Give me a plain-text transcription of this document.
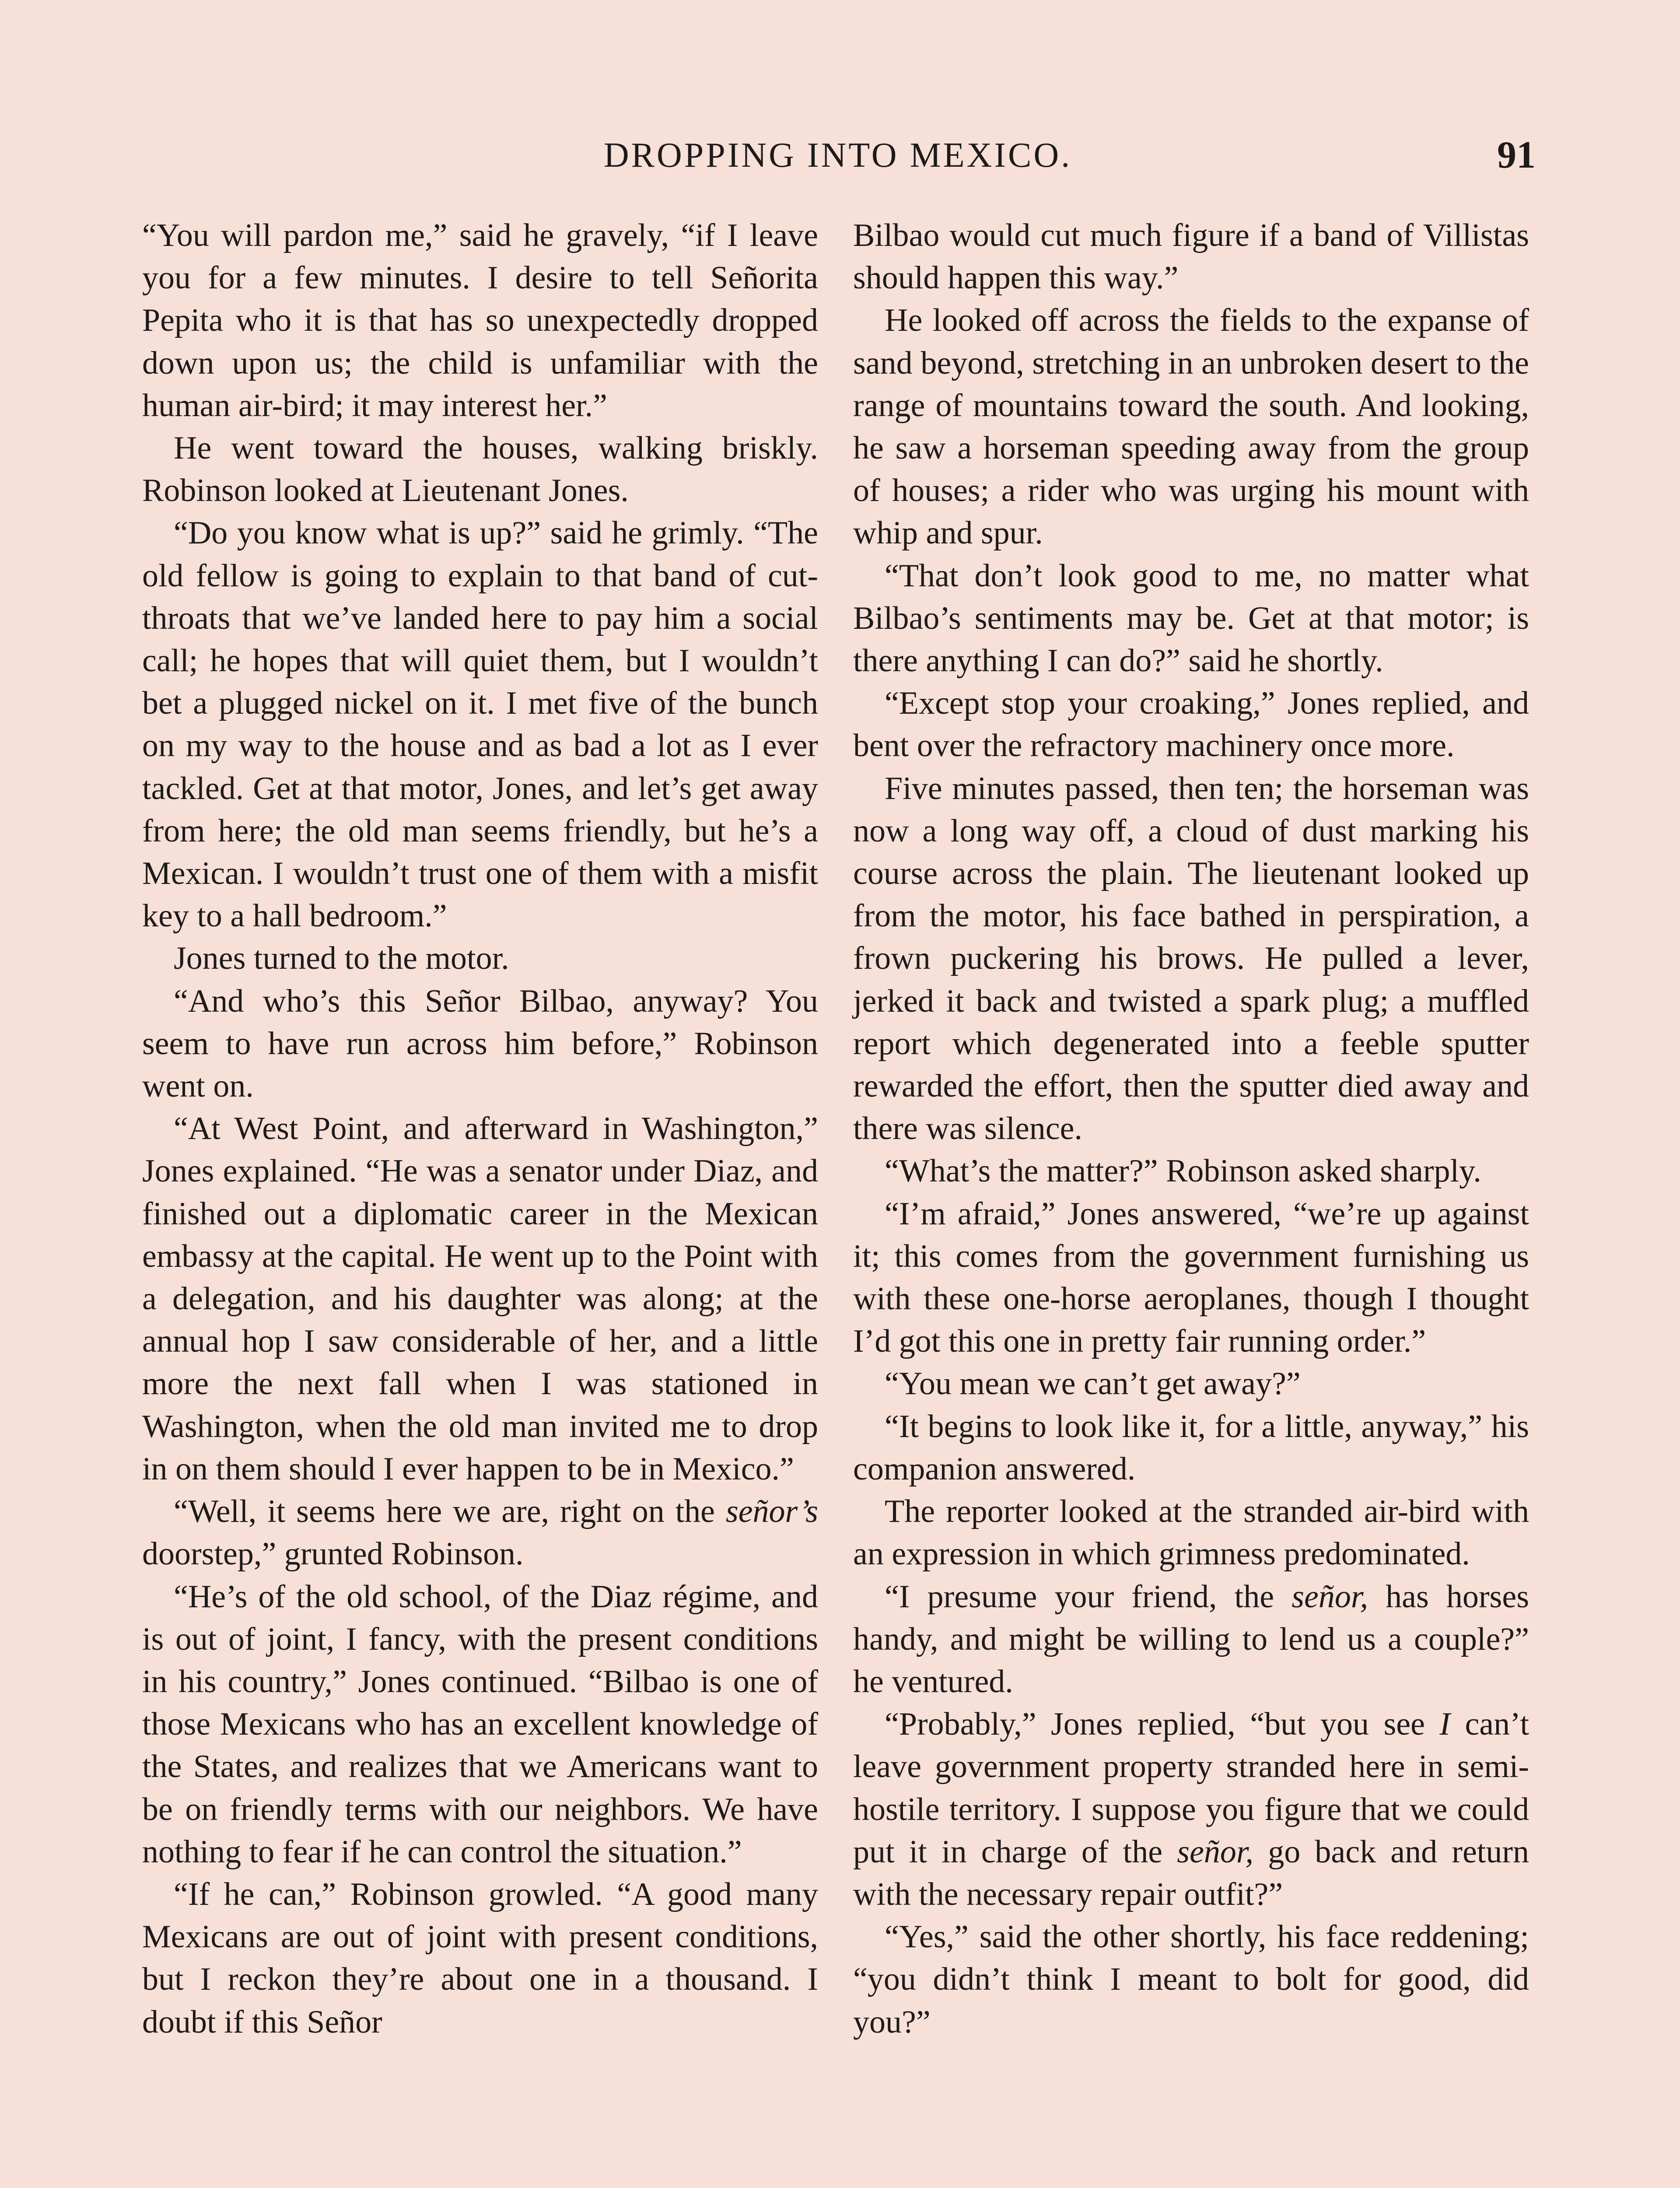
DROPPING INTO MEXICO.	91

“You will pardon me,” said he gravely, “if I leave you for a few minutes. I desire to tell Señorita Pepita who it is that has so unexpectedly dropped down upon us; the child is unfamiliar with the human air-bird; it may interest her.”

He went toward the houses, walking briskly. Robinson looked at Lieutenant Jones.

“Do you know what is up?” said he grimly. “The old fellow is going to explain to that band of cut-throats that we’ve landed here to pay him a social call; he hopes that will quiet them, but I wouldn’t bet a plugged nickel on it. I met five of the bunch on my way to the house and as bad a lot as I ever tackled. Get at that motor, Jones, and let’s get away from here; the old man seems friendly, but he’s a Mexican. I wouldn’t trust one of them with a misfit key to a hall bedroom.”

Jones turned to the motor.

“And who’s this Señor Bilbao, anyway? You seem to have run across him before,” Robinson went on.

“At West Point, and afterward in Washington,” Jones explained. “He was a senator under Diaz, and finished out a diplomatic career in the Mexican embassy at the capital. He went up to the Point with a delegation, and his daughter was along; at the annual hop I saw considerable of her, and a little more the next fall when I was stationed in Washington, when the old man invited me to drop in on them should I ever happen to be in Mexico.”

“Well, it seems here we are, right on the señor’s doorstep,” grunted Robinson.

“He’s of the old school, of the Diaz régime, and is out of joint, I fancy, with the present conditions in his country,” Jones continued. “Bilbao is one of those Mexicans who has an excellent knowledge of the States, and realizes that we Americans want to be on friendly terms with our neighbors. We have nothing to fear if he can control the situation.”

“If he can,” Robinson growled. “A good many Mexicans are out of joint with present conditions, but I reckon they’re about one in a thousand. I doubt if this Señor

Bilbao would cut much figure if a band of Villistas should happen this way.”

He looked off across the fields to the expanse of sand beyond, stretching in an unbroken desert to the range of mountains toward the south. And looking, he saw a horseman speeding away from the group of houses; a rider who was urging his mount with whip and spur.

“That don’t look good to me, no matter what Bilbao’s sentiments may be. Get at that motor; is there anything I can do?” said he shortly.

“Except stop your croaking,” Jones replied, and bent over the refractory machinery once more.

Five minutes passed, then ten; the horseman was now a long way off, a cloud of dust marking his course across the plain. The lieutenant looked up from the motor, his face bathed in perspiration, a frown puckering his brows. He pulled a lever, jerked it back and twisted a spark plug; a muffled report which degenerated into a feeble sputter rewarded the effort, then the sputter died away and there was silence.

“What’s the matter?” Robinson asked sharply.

“I’m afraid,” Jones answered, “we’re up against it; this comes from the government furnishing us with these one-horse aeroplanes, though I thought I’d got this one in pretty fair running order.”

“You mean we can’t get away?”

“It begins to look like it, for a little, anyway,” his companion answered.

The reporter looked at the stranded air-bird with an expression in which grimness predominated.

“I presume your friend, the señor, has horses handy, and might be willing to lend us a couple?” he ventured.

“Probably,” Jones replied, “but you see I can’t leave government property stranded here in semi-hostile territory. I suppose you figure that we could put it in charge of the señor, go back and return with the necessary repair outfit?”

“Yes,” said the other shortly, his face reddening; “you didn’t think I meant to bolt for good, did you?”
